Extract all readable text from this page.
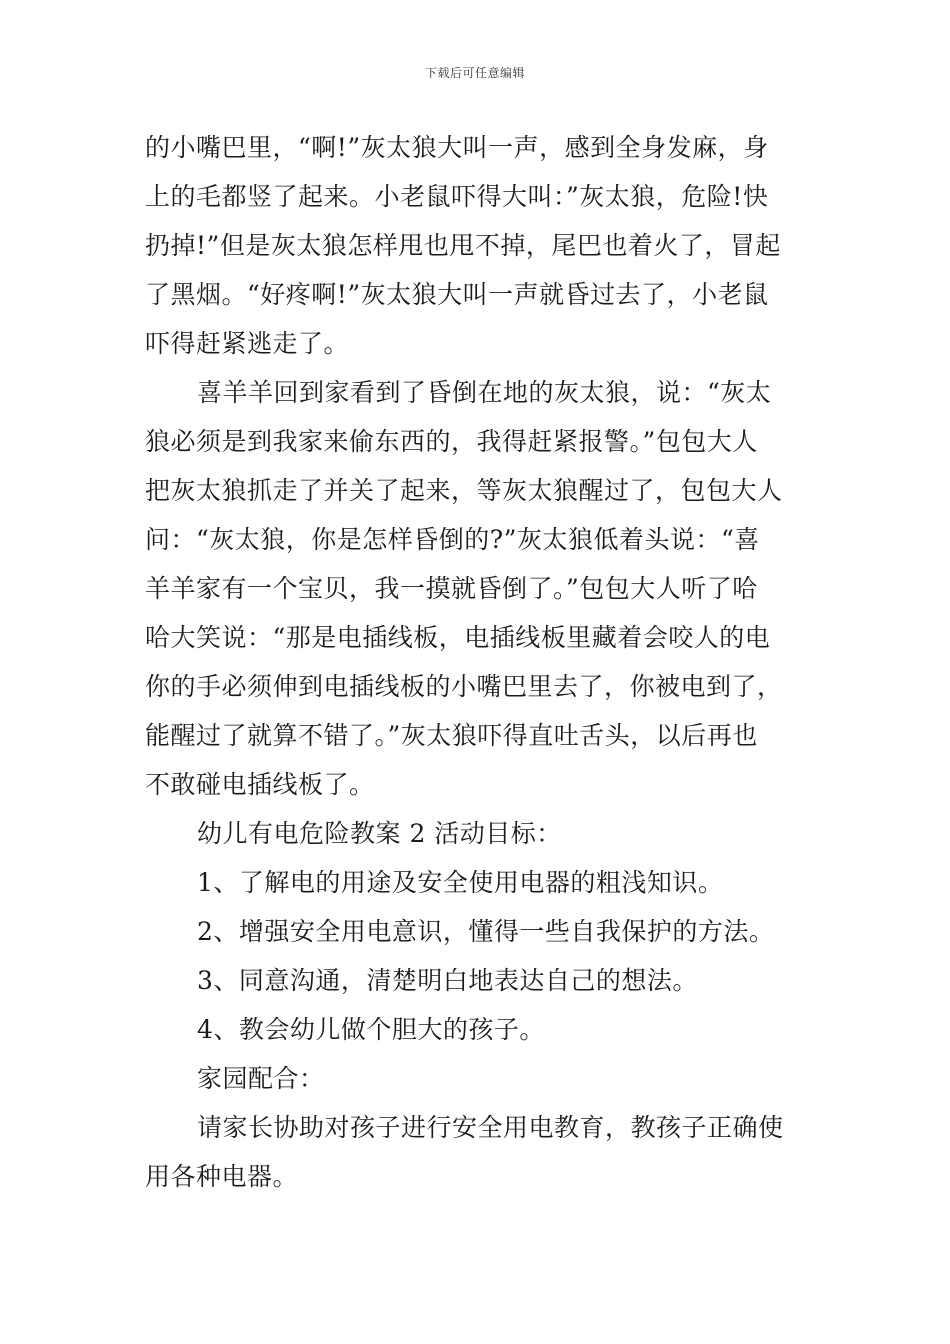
下载后可任意编辑
的小嘴巴里，“啊!”灰太狼大叫一声，感到全身发麻，身
上的毛都竖了起来。小老鼠吓得大叫：”灰太狼，危险!快
扔掉!”但是灰太狼怎样甩也甩不掉，尾巴也着火了，冒起
了黑烟。“好疼啊!”灰太狼大叫一声就昏过去了，小老鼠
吓得赶紧逃走了。
喜羊羊回到家看到了昏倒在地的灰太狼，说：“灰太
狼必须是到我家来偷东西的，我得赶紧报警。”包包大人
把灰太狼抓走了并关了起来，等灰太狼醒过了，包包大人
问：“灰太狼，你是怎样昏倒的?”灰太狼低着头说：“喜
羊羊家有一个宝贝，我一摸就昏倒了。”包包大人听了哈
哈大笑说：“那是电插线板，电插线板里藏着会咬人的电
你的手必须伸到电插线板的小嘴巴里去了，你被电到了，
能醒过了就算不错了。”灰太狼吓得直吐舌头，以后再也
不敢碰电插线板了。
幼儿有电危险教案 2 活动目标：
1、了解电的用途及安全使用电器的粗浅知识。
2、增强安全用电意识，懂得一些自我保护的方法。
3、同意沟通，清楚明白地表达自己的想法。
4、教会幼儿做个胆大的孩子。
家园配合：
请家长协助对孩子进行安全用电教育，教孩子正确使
用各种电器。
